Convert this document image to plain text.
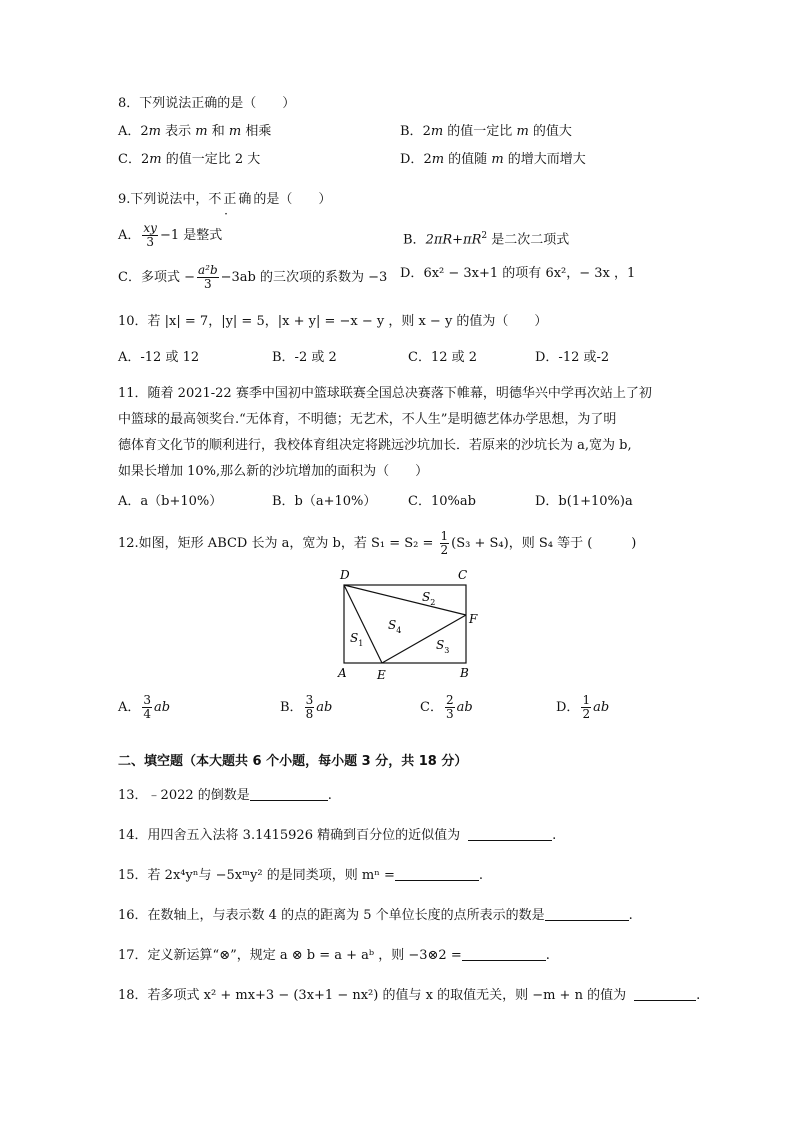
8．下列说法正确的是（　　）
A．2m 表示 m 和 m 相乘	B．2m 的值一定比 m 的值大
C．2m 的值一定比 2 大	D．2m 的值随 m 的增大而增大
9.下列说法中，不正确的是（　　）
A． $\frac{xy}{3} -1$ 是整式	B．$2\pi R+\pi R^2$ 是二次二项式
C．多项式 − $\frac{\text{a²b}}{3} -3ab$ 的三次项的系数为 −3 D．6x² − 3x+1 的项有 6x²，− 3x ，1
10．若 |x| = 7，|y| = 5，|x + y| = −x − y ，则 x − y 的值为（　　）
A．-12 或 12	B．-2 或 2	C．12 或 2	D．-12 或-2
11．随着 2021-22 赛季中国初中篮球联赛全国总决赛落下帷幕，明德华兴中学再次站上了初
中篮球的最高领奖台.“无体育，不明德；无艺术，不人生”是明德艺体办学思想，为了明
德体育文化节的顺利进行，我校体育组决定将跳远沙坑加长．若原来的沙坑长为 a,宽为 b,
如果长增加 10%,那么新的沙坑增加的面积为（　　）
A．a（b+10%）	B．b（a+10%） C．10%ab	D．b(1+10%)a
12.如图，矩形 ABCD 长为 a，宽为 b，若 $S_1 = S_2 = \frac{1}{2} (S_3 + S_4)$，则 S₄ 等于 (　　　)
D	C
A	E	B
F
$S_1$
$S_2$
$S_3$
$S_4$
A． $\frac{3}{4}$ ab	B． $\frac{3}{8}$ ab	C． $\frac{2}{3}$ ab	D． $\frac{1}{2}$ ab
二、填空题（本大题共 6 个小题，每小题 3 分，共 18 分）
13．﹣2022 的倒数是	.
14．用四舍五入法将 3.1415926 精确到百分位的近似值为	.
15．若 2x⁴yⁿ与 −5xᵐy² 的是同类项，则 mⁿ =	.
16．在数轴上，与表示数 4 的点的距离为 5 个单位长度的点所表示的数是	.
17．定义新运算“⊗”，规定 a ⊗ b = a + aᵇ ，则 −3⊗2 =	.
18．若多项式 x² + mx+3 − (3x+1 − nx²) 的值与 x 的取值无关，则 −m + n 的值为	.
